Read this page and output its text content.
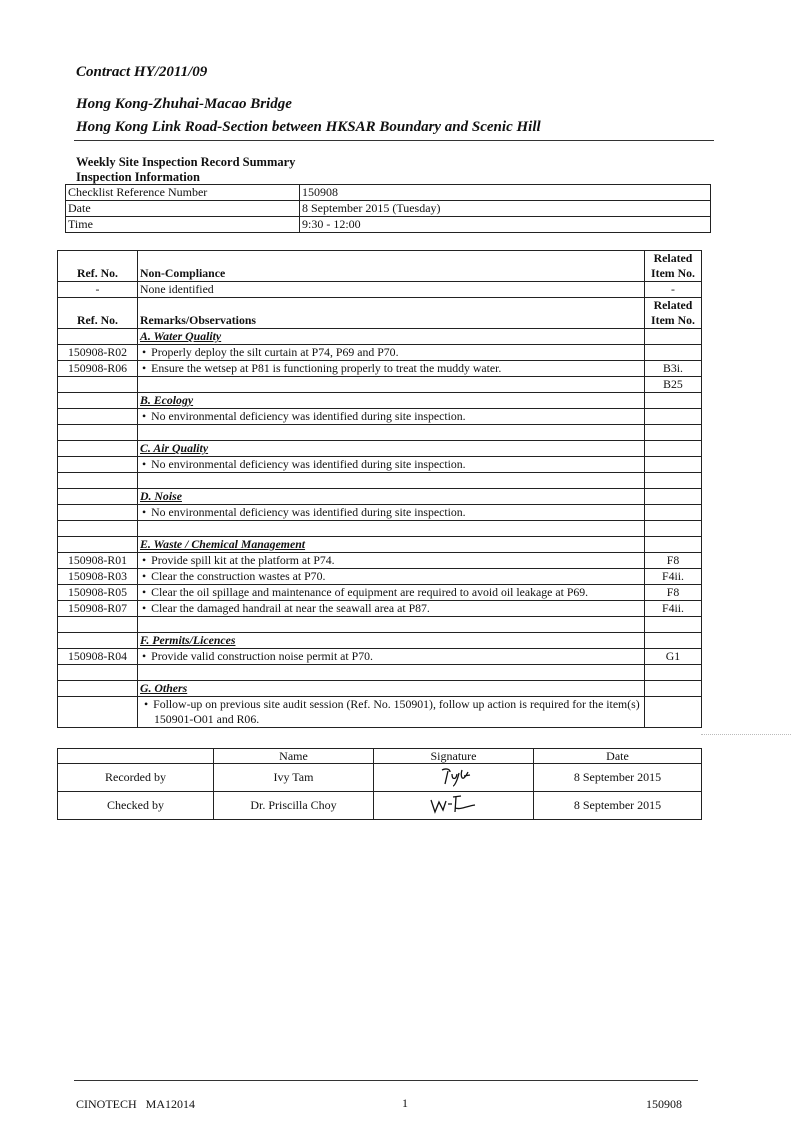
Contract HY/2011/09
Hong Kong-Zhuhai-Macao Bridge
Hong Kong Link Road-Section between HKSAR Boundary and Scenic Hill
Weekly Site Inspection Record Summary
Inspection Information
Checklist Reference Number	150908
Date	8 September 2015 (Tuesday)
Time	9:30 - 12:00
Ref. No.	Non-Compliance	Related
Item No.

-	None identified	-
Ref. No.	Remarks/Observations	Related
Item No.

	A. Water Quality	
150908-R02	• Properly deploy the silt curtain at P74, P69 and P70.	
150908-R06	• Ensure the wetsep at P81 is functioning properly to treat the muddy water.	B3i.
		B25
	B. Ecology	
	• No environmental deficiency was identified during site inspection.	

	C. Air Quality	
	• No environmental deficiency was identified during site inspection.	

	D. Noise	
	• No environmental deficiency was identified during site inspection.	

	E. Waste / Chemical Management	
150908-R01	• Provide spill kit at the platform at P74.	F8
150908-R03	• Clear the construction wastes at P70.	F4ii.
150908-R05	• Clear the oil spillage and maintenance of equipment are required to avoid oil leakage at P69.	F8
150908-R07	• Clear the damaged handrail at near the seawall area at P87.	F4ii.

	F. Permits/Licences	
150908-R04	• Provide valid construction noise permit at P70.	G1

	G. Others	
	• Follow-up on previous site audit session (Ref. No. 150901), follow up action is required for the item(s) 150901-O01 and R06.	
	Name	Signature	Date
Recorded by	Ivy Tam		8 September 2015
Checked by	Dr. Priscilla Choy		8 September 2015
CINOTECH   MA12014	1	150908
